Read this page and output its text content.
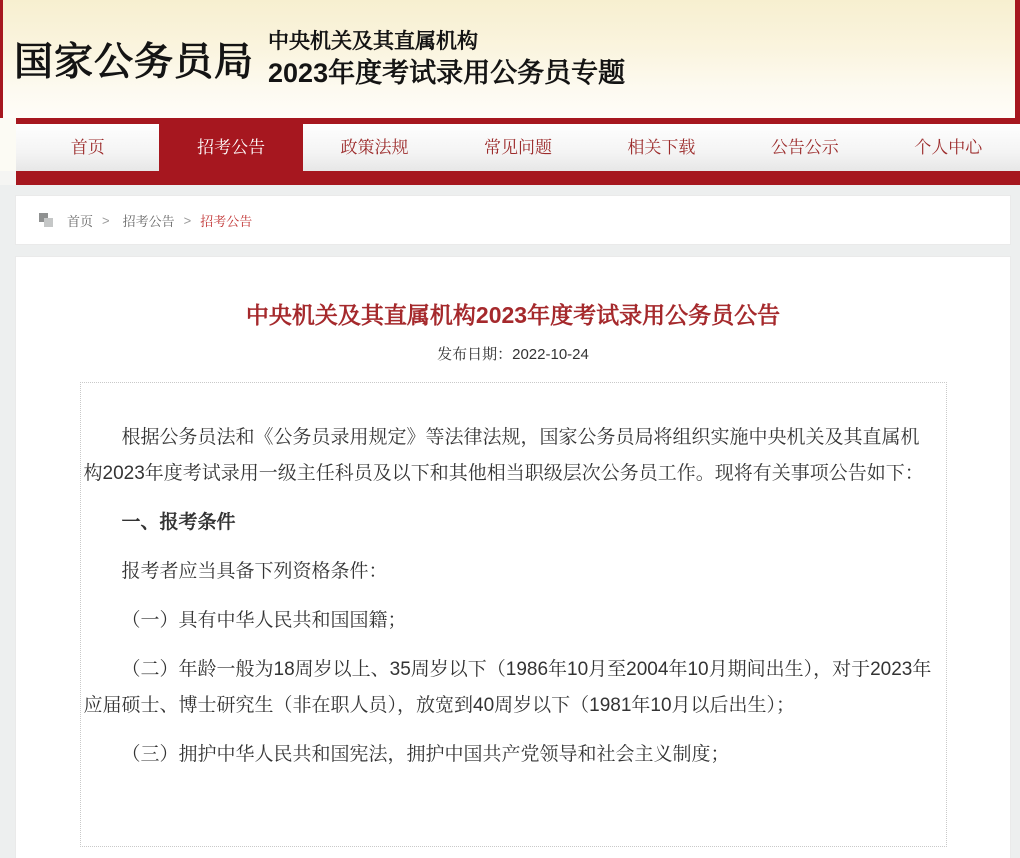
国家公务员局 中央机关及其直属机构
2023年度考试录用公务员专题
首页	招考公告	政策法规	常见问题	相关下载	公告公示	个人中心
首页 > 招考公告 > 招考公告
中央机关及其直属机构2023年度考试录用公务员公告
发布日期：2022-10-24

根据公务员法和《公务员录用规定》等法律法规，国家公务员局将组织实施中央机关及其直属机构2023年度考试录用一级主任科员及以下和其他相当职级层次公务员工作。现将有关事项公告如下：

一、报考条件

报考者应当具备下列资格条件：

（一）具有中华人民共和国国籍；

（二）年龄一般为18周岁以上、35周岁以下（1986年10月至2004年10月期间出生），对于2023年应届硕士、博士研究生（非在职人员），放宽到40周岁以下（1981年10月以后出生）；

（三）拥护中华人民共和国宪法，拥护中国共产党领导和社会主义制度；
